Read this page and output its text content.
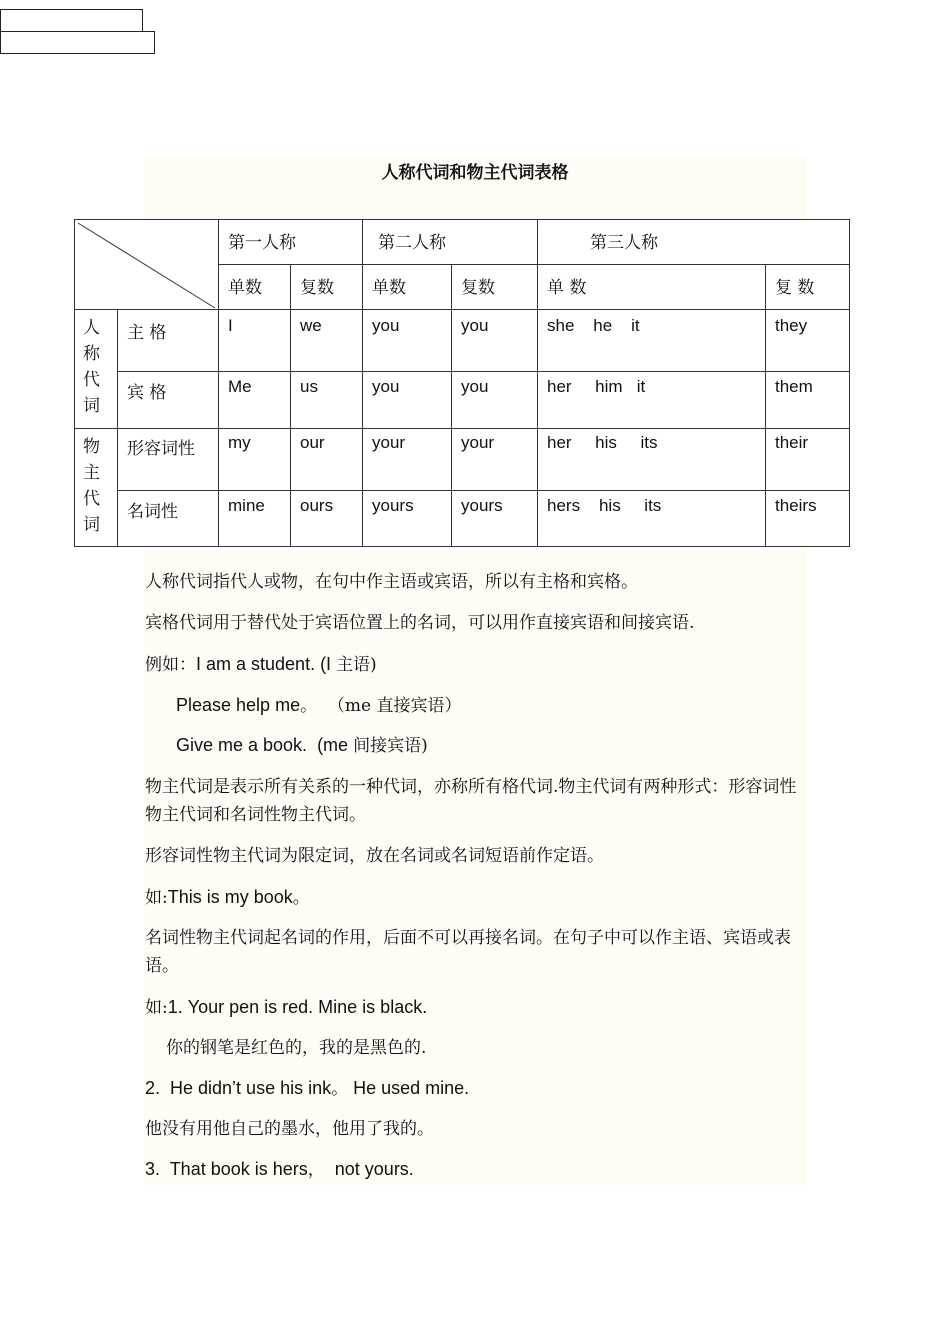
人称代词和物主代词表格
	第一人称		第二人称		第三人称	
		单数	复数	单数	复数	单 数	复 数

人称代词	主 格	I	we	you	you	she    he    it	they
	宾 格	Me	us	you	you	her     him   it	them

物主代词	形容词性	my	our	your	your	her     his     its	their
	名词性	mine	ours	yours	yours	hers    his     its	theirs
人称代词指代人或物，在句中作主语或宾语，所以有主格和宾格。
宾格代词用于替代处于宾语位置上的名词，可以用作直接宾语和间接宾语.
例如：I am a student. (I 主语)
Please help me。  （me 直接宾语）
Give me a book.  (me 间接宾语)
物主代词是表示所有关系的一种代词，亦称所有格代词.物主代词有两种形式：形容词性物主代词和名词性物主代词。
形容词性物主代词为限定词，放在名词或名词短语前作定语。
如:This is my book。
名词性物主代词起名词的作用，后面不可以再接名词。在句子中可以作主语、宾语或表语。
如:1. Your pen is red. Mine is black.
你的钢笔是红色的，我的是黑色的.
2.  He didn’t use his ink。 He used mine.
他没有用他自己的墨水，他用了我的。
3.  That book is hers，  not yours.
